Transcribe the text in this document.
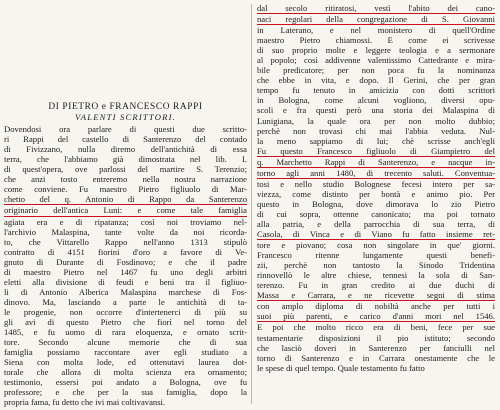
DI PIETRO e FRANCESCO RAPPI
VALENTI SCRITTORI.
Dovendosi ora parlare di questi due scritto-
ri Rappi del castello di Santerenzo del contado
di Fivizzano, nulla diremo dell'antichità di essa
terra, che l'abbiamo già dimostrata nel lib. I.
di quest'opera, ove parlossi del martire S. Terenzio;
che anzi tosto entreremo nella nostra narrazione
come conviene. Fu maestro Pietro figliuolo di Mar-
chetto del q. Antonio di Rappo da Santerenzo
originario dell'antica Luni: e come tale famiglia
agiata era e di ripatanza; così noi troviamo nel-
l'archivio Malaspina, tante volte da noi ricorda-
to, che Vittarello Rappo nell'anno 1313 stipulò
contratto di 4151 fiorini d'oro a favore di Ve-
gnuto di Durante di Fosdinovo; e che il padre
di maestro Pietro nel 1467 fu uno degli arbitri
eletti alla divisione di feudi e beni tra il figliuo-
li di Antonio Alberica Malaspina marchese di Fos-
dinovo. Ma, lasciando a parte le antichità di ta-
le progenie, non occorre d'intertenerci di più su
gli avi di questo Pietro che fiorì nel torno del
1485, e fu uomo di rara eloquenza, e ornato scrit-
tore. Secondo alcune memorie che di sua
famiglia possiamo raccontare aver egli studiato a
Siena con molta lode, ed ottenutavi laurea dot-
torale che allora di molta scienza era ornamento;
testimonio, essersi poi andato a Bologna, ove fu
professore; e che per la sua famiglia, dopo la
propria fama, fu detto che ivi mai coltivavansi.
dal secolo ritiratosi, vestì l'abito dei cano-
naci regolari della congregazione di S. Giovanni
in Laterano, e nel monistero di quell'Ordine
maestro Pietro chiamossi. E come ei scrivesse
di suo proprio molte e leggere teologia e a sermonare
al popolo; così addivenne valentissimo Cattedrante e mira-
bile predicatore; per non poca fu la nominanza
che ebbe in vita, e dopo. Il Gerini, che per gran
tempo fu tenuto in amicizia con dotti scrittori
in Bologna, come alcuni vogliono, diversi opu-
scoli e fra questi però una storia dei Malaspina di
Lunigiana, la quale ora per non molto dubbio;
perchè non trovasi chi mai l'abbia veduta. Nul-
la meno sappiamo di lui; chè scrisse anch'egli
Fu questo Francesco figliuolo di Giampietro del
q. Marchetto Rappi di Santerenzo, e nacque in-
torno agli anni 1480, di trecento saluti. Conventua-
tosi e nello studio Bolognese fecesi intero per sa-
viezza, come distinto per bontà e animo pio. Per
questo in Bologna, dove dimorava lo zio Pietro
di cui sopra, ottenne canonicato; ma poi tornato
alla patria, e della parrocchia di sua terra, di
Casola, di Vinca e di Viano fu fatto insieme ret-
tore e piovano; cosa non singolare in que' giorni.
Francesco ritenne lungamente questi benefi-
zii, perchè non tantosto la Sinodo Tridentina
rinnovellò le altre chiese, tennesi la sola di San-
terenzo. Fu in gran credito ai due duchi di
Massa e Carrara, e ne ricevette segni di stima
con amplo diploma di nobiltà anche per tutti i
suoi più parenti, e carico d'anni mori nel 1546.
E poi che molto ricco era di beni, fece per sue
testamentarie disposizioni il pio istituto; secondo
che lasciò doveri in Santerenzo per fanciulli nel
torno di Santerenzo e in Carrara onestamente che le
le spese di quel tempo. Quale testamento fu fatto
